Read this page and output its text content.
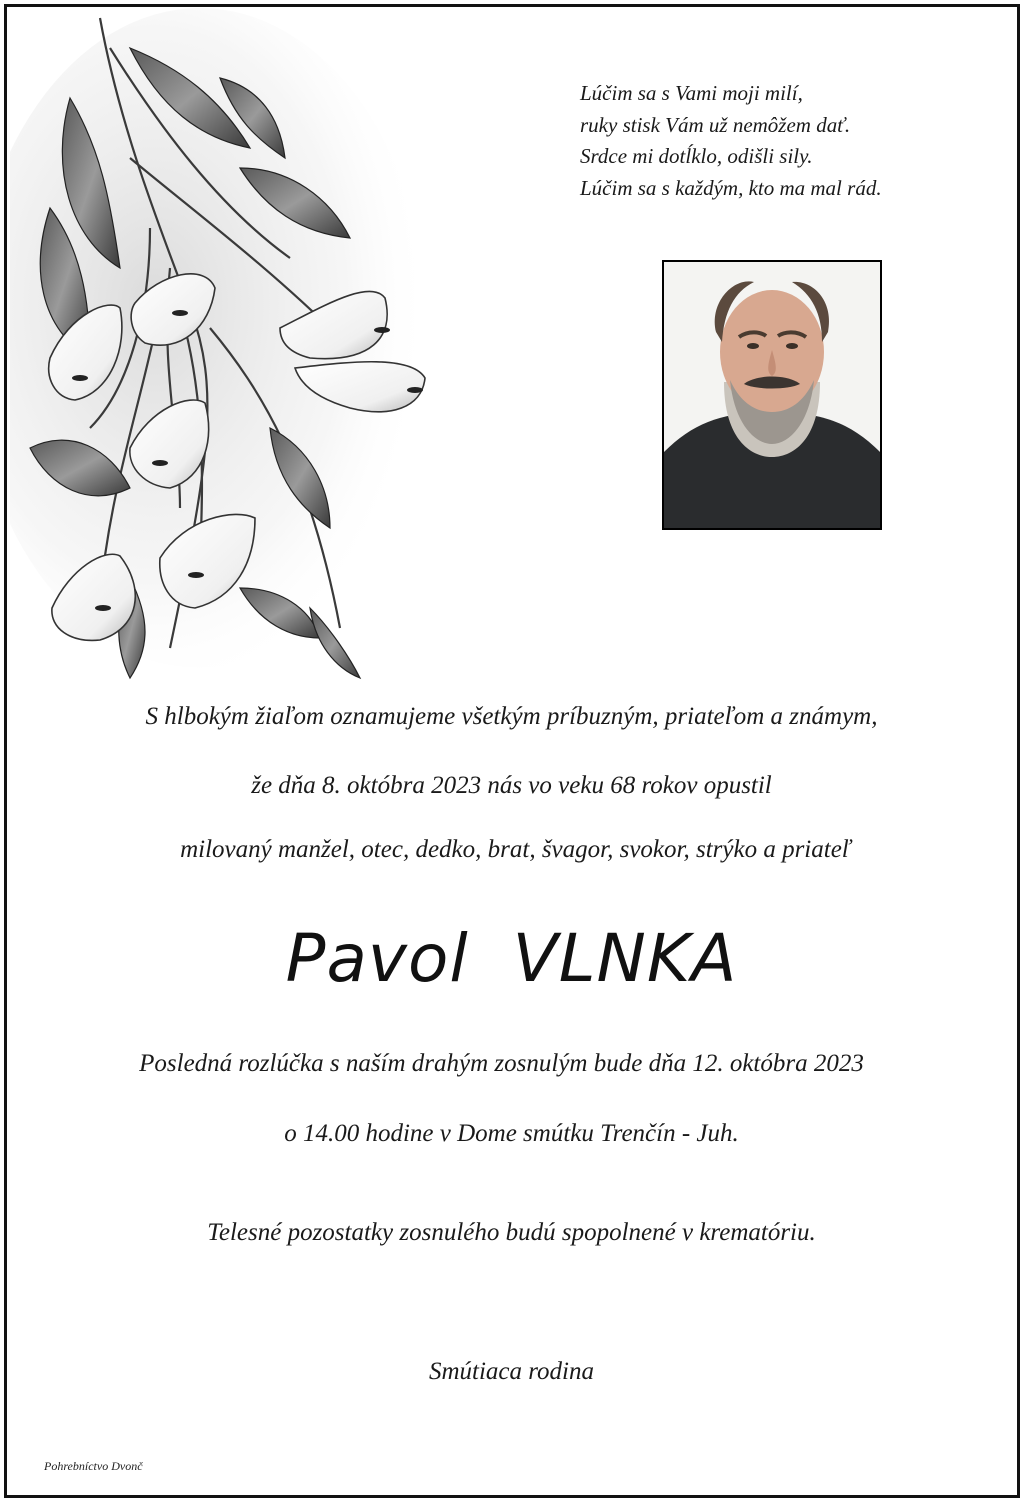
Lúčim sa s Vami moji milí,
ruky stisk Vám už nemôžem dať.
Srdce mi dotĺklo, odišli sily.
Lúčim sa s každým, kto ma mal rád.
S hlbokým žiaľom oznamujeme všetkým príbuzným, priateľom a známym,
že dňa 8. októbra 2023 nás vo veku 68 rokov opustil
milovaný manžel, otec, dedko, brat, švagor, svokor, strýko a priateľ
Pavol  VLNKA
Posledná rozlúčka s naším drahým zosnulým bude dňa 12. októbra 2023
o 14.00 hodine v Dome smútku Trenčín - Juh.
Telesné pozostatky zosnulého budú spopolnené v krematóriu.
Smútiaca rodina
Pohrebníctvo Dvonč
